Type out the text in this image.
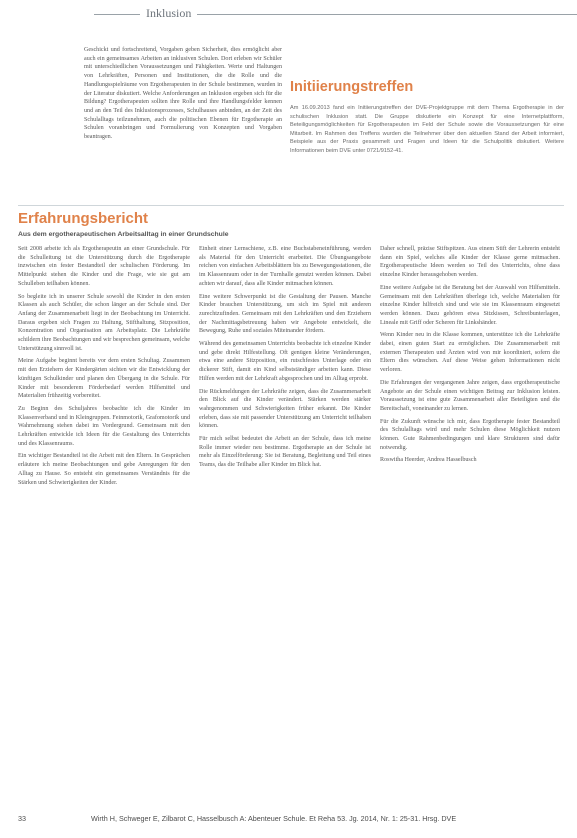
Inklusion

Geschickt und fortschreitend, Vorgaben geben Sicherheit, dies ermöglicht aber auch ein gemeinsames Arbeiten an inklusiven Schulen. Dort erleben wir Schüler mit unterschiedlichen Voraussetzungen und Fähigkeiten. Werte und Haltungen von Lehrkräften, Personen und Institutionen, die die Rolle und die Handlungsspielräume von Ergotherapeuten in der Schule bestimmen, wurden in der Literatur diskutiert. Welche Anforderungen an Inklusion ergeben sich für die Bildung? Ergotherapeuten sollten ihre Rolle und ihre Handlungsfelder kennen und an den Teil des Inklusionsprozesses, Schulhauses anbinden, an der Zeit des Schulalltags teilzunehmen, auch die politischen Ebenen für Ergotherapie an Schulen voranbringen und Formulierung von Konzepten und Vorgaben beantragen.

Initiierungstreffen

Am 16.09.2013 fand ein Initiierungstreffen der DVE-Projektgruppe mit dem Thema Ergotherapie in der schulischen Inklusion statt. Die Gruppe diskutierte ein Konzept für eine Internetplattform, Beteiligungsmöglichkeiten für Ergotherapeuten im Feld der Schule sowie die Voraussetzungen für eine Mitarbeit. Im Rahmen des Treffens wurden die Teilnehmer über den aktuellen Stand der Arbeit informiert, Beispiele aus der Praxis gesammelt und Fragen und Ideen für die Schulpolitik diskutiert. Weitere Informationen beim DVE unter 0721/9152-41.

Erfahrungsbericht
Aus dem ergotherapeutischen Arbeitsalltag in einer Grundschule

Seit 2008 arbeite ich als Ergotherapeutin an einer Grundschule. Für die Schulleitung ist die Unterstützung durch die Ergotherapie inzwischen ein fester Bestandteil der schulischen Förderung. Im Mittelpunkt stehen die Kinder und die Frage, wie sie gut am Schulleben teilhaben können.

So begleite ich in unserer Schule sowohl die Kinder in den ersten Klassen als auch Schüler, die schon länger an der Schule sind. Der Anfang der Zusammenarbeit liegt in der Beobachtung im Unterricht. Daraus ergeben sich Fragen zu Haltung, Stifthaltung, Sitzposition, Konzentration und Organisation am Arbeitsplatz. Die Lehrkräfte schildern ihre Beobachtungen und wir besprechen gemeinsam, welche Unterstützung sinnvoll ist.

Meine Aufgabe beginnt bereits vor dem ersten Schultag. Zusammen mit den Erziehern der Kindergärten sichten wir die Entwicklung der künftigen Schulkinder und planen den Übergang in die Schule. Für Kinder mit besonderem Förderbedarf werden Hilfsmittel und Materialien frühzeitig vorbereitet.

Zu Beginn des Schuljahres beobachte ich die Kinder im Klassenverband und in Kleingruppen. Feinmotorik, Grafomotorik und Wahrnehmung stehen dabei im Vordergrund. Gemeinsam mit den Lehrkräften entwickle ich Ideen für die Gestaltung des Unterrichts und des Klassenraums.

Ein wichtiger Bestandteil ist die Arbeit mit den Eltern. In Gesprächen erläutere ich meine Beobachtungen und gebe Anregungen für den Alltag zu Hause. So entsteht ein gemeinsames Verständnis für die Stärken und Schwierigkeiten der Kinder.

Einheit einer Lernschiene, z.B. eine Buchstabeneinführung, werden als Material für den Unterricht erarbeitet. Die Übungsangebote reichen von einfachen Arbeitsblättern bis zu Bewegungsstationen, die im Klassenraum oder in der Turnhalle genutzt werden können. Dabei achten wir darauf, dass alle Kinder mitmachen können.

Eine weitere Schwerpunkt ist die Gestaltung der Pausen. Manche Kinder brauchen Unterstützung, um sich im Spiel mit anderen zurechtzufinden. Gemeinsam mit den Lehrkräften und den Erziehern der Nachmittagsbetreuung haben wir Angebote entwickelt, die Bewegung, Ruhe und soziales Miteinander fördern.

Während des gemeinsamen Unterrichts beobachte ich einzelne Kinder und gebe direkt Hilfestellung. Oft genügen kleine Veränderungen, etwa eine andere Sitzposition, ein rutschfestes Unterlage oder ein dickerer Stift, damit ein Kind selbstständiger arbeiten kann. Diese Hilfen werden mit der Lehrkraft abgesprochen und im Alltag erprobt.

Die Rückmeldungen der Lehrkräfte zeigen, dass die Zusammenarbeit den Blick auf die Kinder verändert. Stärken werden stärker wahrgenommen und Schwierigkeiten früher erkannt. Die Kinder erleben, dass sie mit passender Unterstützung am Unterricht teilhaben können.

Für mich selbst bedeutet die Arbeit an der Schule, dass ich meine Rolle immer wieder neu bestimme. Ergotherapie an der Schule ist mehr als Einzelförderung: Sie ist Beratung, Begleitung und Teil eines Teams, das die Teilhabe aller Kinder im Blick hat.

Daher schnell, präzise Stiftspitzen. Aus einem Stift der Lehrerin entsteht dann ein Spiel, welches alle Kinder der Klasse gerne mitmachen. Ergotherapeutische Ideen werden so Teil des Unterrichts, ohne dass einzelne Kinder herausgehoben werden.

Eine weitere Aufgabe ist die Beratung bei der Auswahl von Hilfsmitteln. Gemeinsam mit den Lehrkräften überlege ich, welche Materialien für einzelne Kinder hilfreich sind und wie sie im Klassenraum eingesetzt werden können. Dazu gehören etwa Sitzkissen, Schreibunterlagen, Lineale mit Griff oder Scheren für Linkshänder.

Wenn Kinder neu in die Klasse kommen, unterstütze ich die Lehrkräfte dabei, einen guten Start zu ermöglichen. Die Zusammenarbeit mit externen Therapeuten und Ärzten wird von mir koordiniert, sofern die Eltern dies wünschen. Auf diese Weise gehen Informationen nicht verloren.

Die Erfahrungen der vergangenen Jahre zeigen, dass ergotherapeutische Angebote an der Schule einen wichtigen Beitrag zur Inklusion leisten. Voraussetzung ist eine gute Zusammenarbeit aller Beteiligten und die Bereitschaft, voneinander zu lernen.

Für die Zukunft wünsche ich mir, dass Ergotherapie fester Bestandteil des Schulalltags wird und mehr Schulen diese Möglichkeit nutzen können. Gute Rahmenbedingungen und klare Strukturen sind dafür notwendig.

Roswitha Heerder, Andrea Hasselbusch

33	Wirth H, Schweger E, Zilbarot C, Hasselbusch A: Abenteuer Schule. Et Reha 53. Jg. 2014, Nr. 1: 25-31. Hrsg. DVE
